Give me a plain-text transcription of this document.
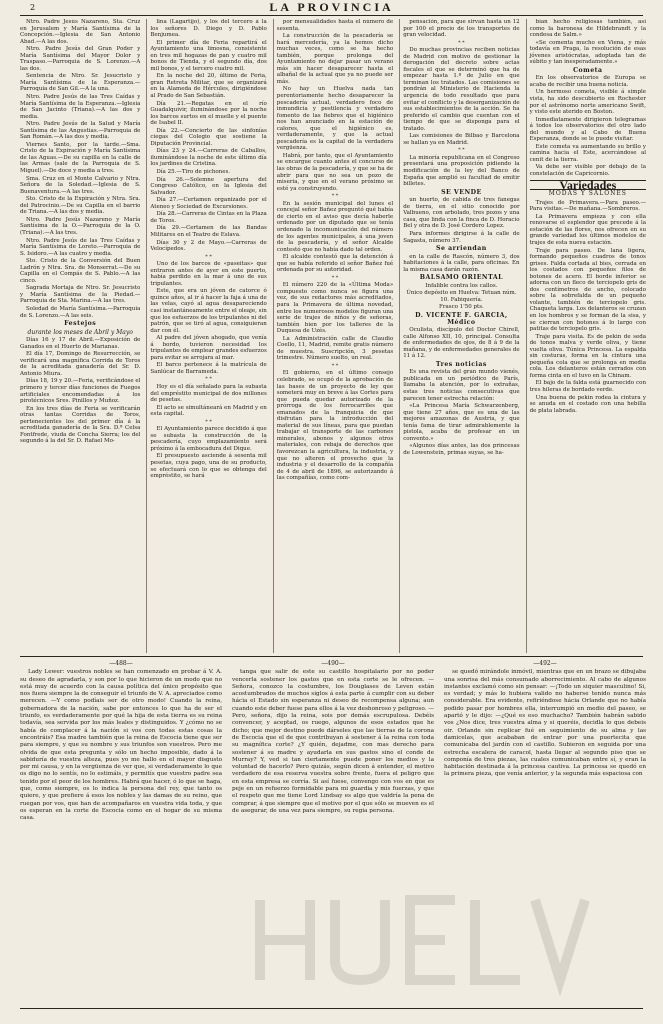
LA PROVINCIA
2

Ntro. Padre Jesús Nazareno, Sta. Cruz en Jerusalem y María Santísima de la Concepción.—Iglesia de San Antonio Abad.—A las dos.

Ntro. Padre Jesús del Gran Poder y María Santísima del Mayor Dolor y Traspaso.—Parroquia de S. Lorenzo.—A las dos.

Sentencia de Ntro. Sr. Jesucristo y María Santísima de la Esperanza.—Parroquia de San Gil.—A la una.

Ntro. Padre Jesús de las Tres Caídas y María Santísima de la Esperanza.—Iglesia de San Jacinto (Triana).—A las dos y media.

Ntro. Padre Jesús de la Salud y María Santísima de las Angustias.—Parroquia de San Román.—A las dos y media.

Viernes Santo, por la tarde.—Sma. Cristo de la Expiración y María Santísima de las Aguas.—De su capilla en la calle de las Armas (sale de la Parroquia de S. Miguel).—De doce y media a tres.

Sma. Cruz en el Monte Calvario y Ntra. Señora de la Soledad.—Iglesia de S. Buenaventura.—A las tres.

Sto. Cristo de la Expiración y Ntra. Sra. del Patrocinio.—De su Capilla en el barrio de Triana.—A las dos y media.

Ntro. Padre Jesús Nazareno y María Santísima de la O.—Parroquia de la O. (Triana).—A las tres.

Ntro. Padre Jesús de las Tres Caídas y María Santísima de Loreto.—Parroquia de S. Isidoro.—A las cuatro y media.

Sto. Cristo de la Conversión del Buen Ladrón y Ntra. Sra. de Monserrat.—De su Capilla en el Compás de S. Pablo.—A las cinco.

Sagrada Mortaja de Ntro. Sr. Jesucristo y María Santísima de la Piedad.—Parroquia de Sta. Marina.—A las tres.

Soledad de María Santísima.—Parroquia de S. Lorenzo.—A las seis.

Festejos
durante los meses de Abril y Mayo

Días 16 y 17 de Abril.—Exposición de Ganados en el Huerto de Marianas.

El día 17, Domingo de Resurrección, se verificará una magnífica Corrida de Toros de la acreditada ganadería del Sr. D. Antonio Miura.

Días 18, 19 y 20.—Feria, verificándose el primero y tercer días funciones de Fuegos artificiales encomendadas á los pirotécnicos Sres. Pinillos y Muñoz.

En los tres días de Feria se verificarán otras tantas Corridas de Toros, pertenecientes los del primer día á la acreditada ganadería de la Sra. D.ª Celsa Fontfrede, viuda de Concha Sierra; los del segundo á la del Sr. D. Rafael Mo-

lina (Lagartijo), y los del tercero á la los señores D. Diego y D. Pablo Benjumea.

El primer día de Feria repartirá el Ayuntamiento una limosna, consistente en tres mil hogazas de pan y cuatro mil bonos de Tienda, y el segundo día, dos mil bonos, y el tercero cuatro mil.

En la noche del 20, último de Feria, gran Retreta Militar, que se organizará en la Alameda de Hércules, dirigiéndose al Prado de San Sebastián.

Día 21.—Regatas en el río Guadalquivir, iluminándose por la noche los barcos surtos en el muelle y el puente de Isabel II.

Día 22.—Concierto de las sinfonías ciegas del Colegio que sostiene la Diputación Provincial.

Días 23 y 24.—Carreras de Caballos, iluminándose la noche de este último día los jardines de Cristina.

Día 25.—Tiro de pichones.

Día 26.—Solemne apertura del Congreso Católico, en la Iglesia del Salvador.

Día 27.—Certamen organizado por el Ateneo y Sociedad de Excursiones.

Día 28.—Carreras de Cintas en la Plaza de Toros.

Día 29.—Certamen de las Bandas Militares en el Teatro de Eslava.

Días 30 y 2 de Mayo.—Carreras de Velocípedos.

* *

Uno de los barcos de «paseitas» que entraron antes de ayer en este puerto, había perdido en la mar á uno de sus tripulantes.

Este, que era un jóven de catorce ó quince años, al ir á hacer la faja á una de las velas, cayó al agua desapareciendo casi instantáneamente entre el oleaje, sin que los esfuerzos de los tripulantes ni del patrón, que se tiró al agua, consiguieran dar con él.

Al padre del jóven ahogado, que venía á bordo, tuvieron necesidad los tripulantes de emplear grandes esfuerzos para evitar se arrojara al mar.

El barco pertenece á la matrícula de Sanlúcar de Barrameda.

* *

Hoy es el día señalado para la subasta del empréstito municipal de dos millones de pesetas.

El acto se simultáneará en Madrid y en esta capital.

* *

El Ayuntamiento parece decidido á que se subasta la construcción de la pescadería, cuyo emplazamiento será próximo á la embocadura del Dique.

El presupuesto asciende á sesenta mil pesetas, cuya pago, una de su producto, se efectuará con lo que se obtenga del empréstito, se hará

por mensualidades hasta el número de sesenta.

La construcción de la pescadería se hará mercedería, ya la hemos dicho muchas veces, como se ha hecho también, porque prolonga del Ayuntamiento no dejar pasar un verano más sin hacer desaparecer hasta el albañal de la actual que ya no puede ser más.

No hay un Huelva nada tan perentoriamente hecho desaparecer la pescadería actual, verdadero foco de inmundicia y pestilencia y verdadero fomento de las fiebres que el higiénico nos han anunciado en la estación de calores, que el higiénico es, verdaderamente, y que la actual pescadería es la capital de la verdadera vergüenza.

Habrá, por tanto, que el Ayuntamiento se encargue cuanto antes el concurso de las obras de la pescadería, y que se ha de abrir para que no sea un pozo de miseria, y que en el verano próximo se esté ya construyendo.

* *

En la sesión municipal del lunes el concejal señor Bañez preguntó qué había de cierto en el aviso que decía haberle ordenado por un diputado que se tenía ordenado la incomunicación del número de los agentes municipales, á una joven de la pescadería, y el señor Alcalde contestó que no había dado tal orden.

El alcalde contestó que la detención á que se había referido el señor Bañez fué ordenada por su autoridad.

* *

El número 220 de la «Última Moda» compuesto como nunca se figura una vez, de sus redactores más acreditados, para la Primavera de última novedad, entre los numerosos modelos figuran una serie de trajes de niños y de señoras, también bien por los talleres de la Duquesa de Uzès.

La Administración calle de Claudio Coello, 11, Madrid, remite gratis número de muestra. Suscripción, 3 pesetas trimestre. Número suelto, un real.

* *

El gobierno, en el último consejo celebrado, se ocupó de la aprobación de las bases de un proyecto de ley que someterá muy en breve á las Cortes para que pueda quedar autorizado de la prórroga de los ferrocarriles que emanados de la franquicia de que disfrutan para la introducción del material de sus líneas, para que puedan trabajar el transporte de las carbones minerales, abonos y algunos otros materiales, con rebaja de derechos que favorezcan la agricultura, la industria, y que no alteren el provecho que la industria y el desarrollo de la compañía de 4 de abril de 1896, se autorizando á las compañías, como com-

pensación, para que sirvan hasta un 12 por 100 el precio de los transportes de gran velocidad.

* *

Do muchas provincias reciben noticias de Madrid con motivo de gestionar la derogación del decreto sobre actas fiscales el que se determinó que ha de empezar hasta 1.º de Julio en que terminan los tratados. Las comisiones se pondrán al Ministerio de Hacienda la urgencia de todo resultado que para evitar el conflicto y la desorganización de sus establecimientos de la acción. Se ha preferido el cambio que cuentan con el tiempo de que se disponga para el tratado.

Las comisiones de Bilbao y Barcelona se hallan ya en Madrid.

* *

La minoría republicana en el Congreso presentará una proposición pidiendo la modificación de la ley del Banco de España que amplió su facultad de emitir billetes.

SE VENDE

un huerto, de cabida de tres fanegas de tierra, en el sitio conocido por Valbueno, con arbolado, tres pozos y una casa, que linda con la finca de D. Horacio Bel y otra de D. José Cordero Lopez.

Para informes dirigirse á la calle de Sagasta, número 37.

Se arriendan

en la calle de Rascón, número 3, dos habitaciones á la calle, para oficinas. En la misma casa darán razón.

BALSAMO ORIENTAL
Infalible contra los callos.
Único depósito en Huelva: Tetuan núm. 10. Fabiquería.
Frasco 1'50 pts.
D. VICENTE F. GARCIA, Médico

Oculista, discípulo del Doctor Chirell, calle Alfonso XII, 10, principal. Consulta de enfermedades de ojos, de 8 á 9 de la mañana, y de enfermedades generales de 11 á 12.

Tres noticias

Es una revista del gran mundo vienés, publicada en un periódico de París, llamaba la atención, por lo extrañas, estas tres noticias consecutivas que parecen tener estrecha relación:

«La Princesa María Schwarzenberg, que tiene 27 años, que es una de las mejores amazonas de Austria, y que tenía fama de tirar admirablemente la pistola, acaba de profesar en un convento.»

«Algunos días antes, las dos princesas de Lowenstein, primas suyas, se ha-

bían hecho religiosas también, así como la baronesa de Hildebrandt y la condesa de Salm.»

«Se comenta mucho en Viena, y más todavía en Praga, la resolución de esas jóvenes aristócratas, adoptada tan de súbito y tan inesperadamente.»

Cometa

En los observatorios de Europa se acaba de recibir una buena noticia.

Un hermoso cometa, visible á simple vista, ha sido descubierto en Rochester por el astrónomo norte americano Swift, y visto este aterido en Boston.

Inmediatamente dirigieron telegramas á todos los observatorios del otro lado del mundo y al Cabo de Buena Esperanza, donde se le puede visitar.

Este cometa va aumentando su brillo y camina hacia el Este, acercándose al cenit de la tierra.

Va debe ser visible por debajo de la constelación de Capricornio.

Variedades
MODAS Y SALONES

Trajes de Primavera.—Para paseo.—Para visitas.—De mañana.—Sombreros.

La Primavera empieza y con ella renovarse el esplendor que precede á la estación de las flores, nos ofrecen en su grande variedad los últimos modelos de trajes de esta nueva estación.

Traje para paseo. De lana ligera, formando pequeños cuadros de tonos grises. Falda cortada al bies, cerrada en los costados con pequeños filos de botones de acero. El borde inferior se adorna con un fleco de terciopelo gris de dos centímetros de ancho, colocado sobre la sobrefalda de un pequeño volante, también de terciopelo gris. Chaqueta larga. Los delanteros se cruzan en los hombros y se forman de la sisa, y se cierran con botones á lo largo con patitas de terciopelo gris.

Traje para visita. Es de pekin de seda de tonos malva y verde oliva, y tiene vuelta oliva. Túnica Princesa. La espalda sin costuras, forma en la cintura una pequeña cola que se prolonga en media cola. Los delanteros están cerrados con forma cinta en el tuvo en la Chinam.

El bajo de la falda está guarnecido con tres hileras de bordado verde.

Una buena de pekin rodea la cintura y se anuda en el costado con una hebilla de plata labrada.

—488—

Lady Lewer: vuestros nobles se han comenzado en probar á V. A. su deseo de agradarla, y son por lo que hicieron de un modo que no está muy de acuerdo con la causa política del único propósito que nos fuera siempre la de conseguir el triunfo de V. A. apreciados como merecen. —Y como podíais ser de otro modo! Cuando la reina, gobernadora de la nación, sabe por entonces lo que ha de ser el triunfo, es verdaderamente por qué la hija de esta tierra es su reina todavía, sea servida por los más leales y distinguidos. Y ¿cómo no se había de complacer á la nación si vos con todas estas cosas la encontráis? Esa madre también que la reina de Escocia tiene que ser para siempre, y que su nombre y sus triunfos son vuestros. Pero me olvida de que esta pregunta y sólo un hecho imposible, dado á la sabiduría de vuestra alteza, pues yo me hallo en el mayor disgusto por mi causa, y en la vergüenza de ver que, si verdaderamente lo que os digo no lo sentís, no lo estimáis, y permitís que vuestro padre sea tenido por el peor de los hombres. Habrá que hacer, ó lo que se haga, que, como siempre, os lo indica la persona del rey, que tanto os quiere, y que prefiere á esos los nobles y las damas de su reino, que ruegan por vos, que han de acompañaros en vuestra vida toda, y que os esperan en la corte de Escocia como en el hogar de su misma casa.

—490—

tanga que salir de este su castillo hospitalario por no poder vencerla sostener los gastos que en esta corte se le ofrecen. —Señora, conozco la costumbre, los Douglases de Leven están acostumbrados de muchos siglos á esta parte á cumplir con su deber hácia el Estado sin esperanza ni deseo de recompensa alguna; aun cuando este deber fuese para ellos á la vez deshonroso y peligroso. —Pero, señora, dijo la reina, sois por demás escrupulosa. Debéis convencer, y aceptad, os ruego, algunos de esos estados que he dicho; que mejor destino puede dárseles que las tierras de la corona de Escocia que el de que contribuyan á sostener á la reina con toda su magnífica corte? ¿Y quién, dejadme, con mas derecho para sostener á su madre y ayudarla en sus gastos sino el conde de Murray? Y, ved si tan ciertamente puede poner los medios y la voluntad de hacerlo? Pero quizás, según dicen á entender, el motivo verdadero de esa reserva vuestra sobre frente, fuera el peligro que en esta empresa se corría. Si así fuese, convengo con vos en que es peje en un refuerzo formidable para mi guardia y mis fuerzas, y que el respeto que me tiene Lord Lindsay es algo que valdría la pena de comprar, á que siempre que el motivo por el que sólo se mueven es el de asegurar, de una vez para siempre, su regia persona.

—492—

se quedó mirándole inmóvil, mientras que en un brazo se dibujaba una sonrisa del más consumado aborrecimiento. Al cabo de algunos instantes exclamó como sin pensar: —¡Todo un siquier masculino! Si, es verdad; y más lo hubiera valido no haberse tenido nunca más considerable. Era evidente, refiriéndose hácia Orlande que no había podido pasar por hombres ella, interrumpió en medio del paseo, se apartó y le dijo: —¿Qué es eso muchacho? También habrán sabido vos ¿Nos dice, tres vuestra alma y si queréis, decidla lo que debeis oir. Orlande sin replicar fué en seguimiento de su alma y las damicelas, que acababan de entrar por una puertecita que comunicaba del jardín con el castillo. Subieron en seguida por una estrecha escalera de caracol, hasta llegar al segundo piso que se componía de tres piezas, las cuales comunicaban entre sí, y eran la habitación destinada á la princesa cautiva. La princesa se quedó en la primera pieza, que venía anterior, y la segunda más espaciosa con
